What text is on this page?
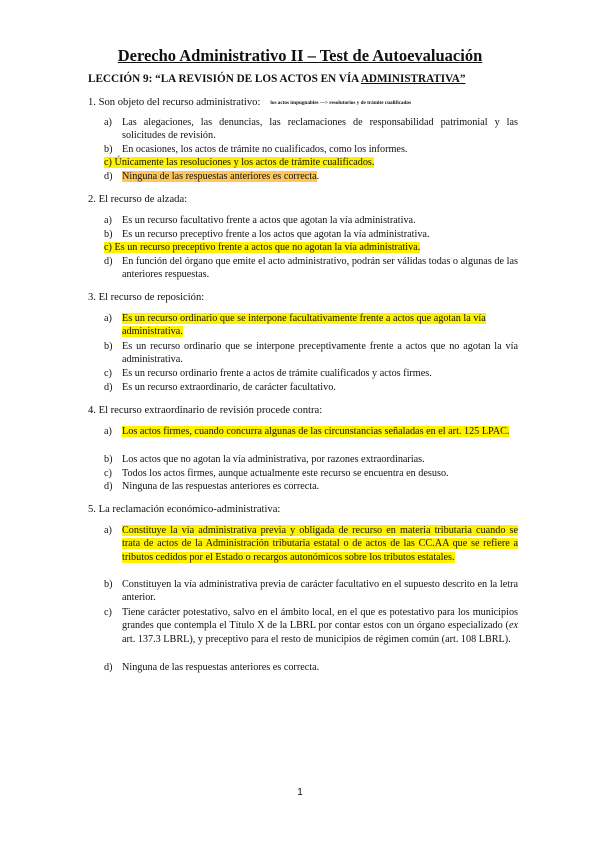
Derecho Administrativo II – Test de Autoevaluación
LECCIÓN 9: “LA REVISIÓN DE LOS ACTOS EN VÍA ADMINISTRATIVA”
1. Son objeto del recurso administrativo: los actos impugnables ---> resolutorios y de trámite cualificados
a) Las alegaciones, las denuncias, las reclamaciones de responsabilidad patrimonial y las solicitudes de revisión.
b) En ocasiones, los actos de trámite no cualificados, como los informes.
c) Únicamente las resoluciones y los actos de trámite cualificados.
d) Ninguna de las respuestas anteriores es correcta.
2. El recurso de alzada:
a) Es un recurso facultativo frente a actos que agotan la vía administrativa.
b) Es un recurso preceptivo frente a los actos que agotan la vía administrativa.
c) Es un recurso preceptivo frente a actos que no agotan la vía administrativa.
d) En función del órgano que emite el acto administrativo, podrán ser válidas todas o algunas de las anteriores respuestas.
3. El recurso de reposición:
a) Es un recurso ordinario que se interpone facultativamente frente a actos que agotan la vía administrativa.
b) Es un recurso ordinario que se interpone preceptivamente frente a actos que no agotan la vía administrativa.
c) Es un recurso ordinario frente a actos de trámite cualificados y actos firmes.
d) Es un recurso extraordinario, de carácter facultativo.
4. El recurso extraordinario de revisión procede contra:
a) Los actos firmes, cuando concurra algunas de las circunstancias señaladas en el art. 125 LPAC.
b) Los actos que no agotan la vía administrativa, por razones extraordinarias.
c) Todos los actos firmes, aunque actualmente este recurso se encuentra en desuso.
d) Ninguna de las respuestas anteriores es correcta.
5. La reclamación económico-administrativa:
a) Constituye la vía administrativa previa y obligada de recurso en materia tributaria cuando se trata de actos de la Administración tributaria estatal o de actos de las CC.AA que se refiere a tributos cedidos por el Estado o recargos autonómicos sobre los tributos estatales.
b) Constituyen la vía administrativa previa de carácter facultativo en el supuesto descrito en la letra anterior.
c) Tiene carácter potestativo, salvo en el ámbito local, en el que es potestativo para los municipios grandes que contempla el Título X de la LBRL por contar estos con un órgano especializado (ex art. 137.3 LBRL), y preceptivo para el resto de municipios de régimen común (art. 108 LBRL).
d) Ninguna de las respuestas anteriores es correcta.
1
